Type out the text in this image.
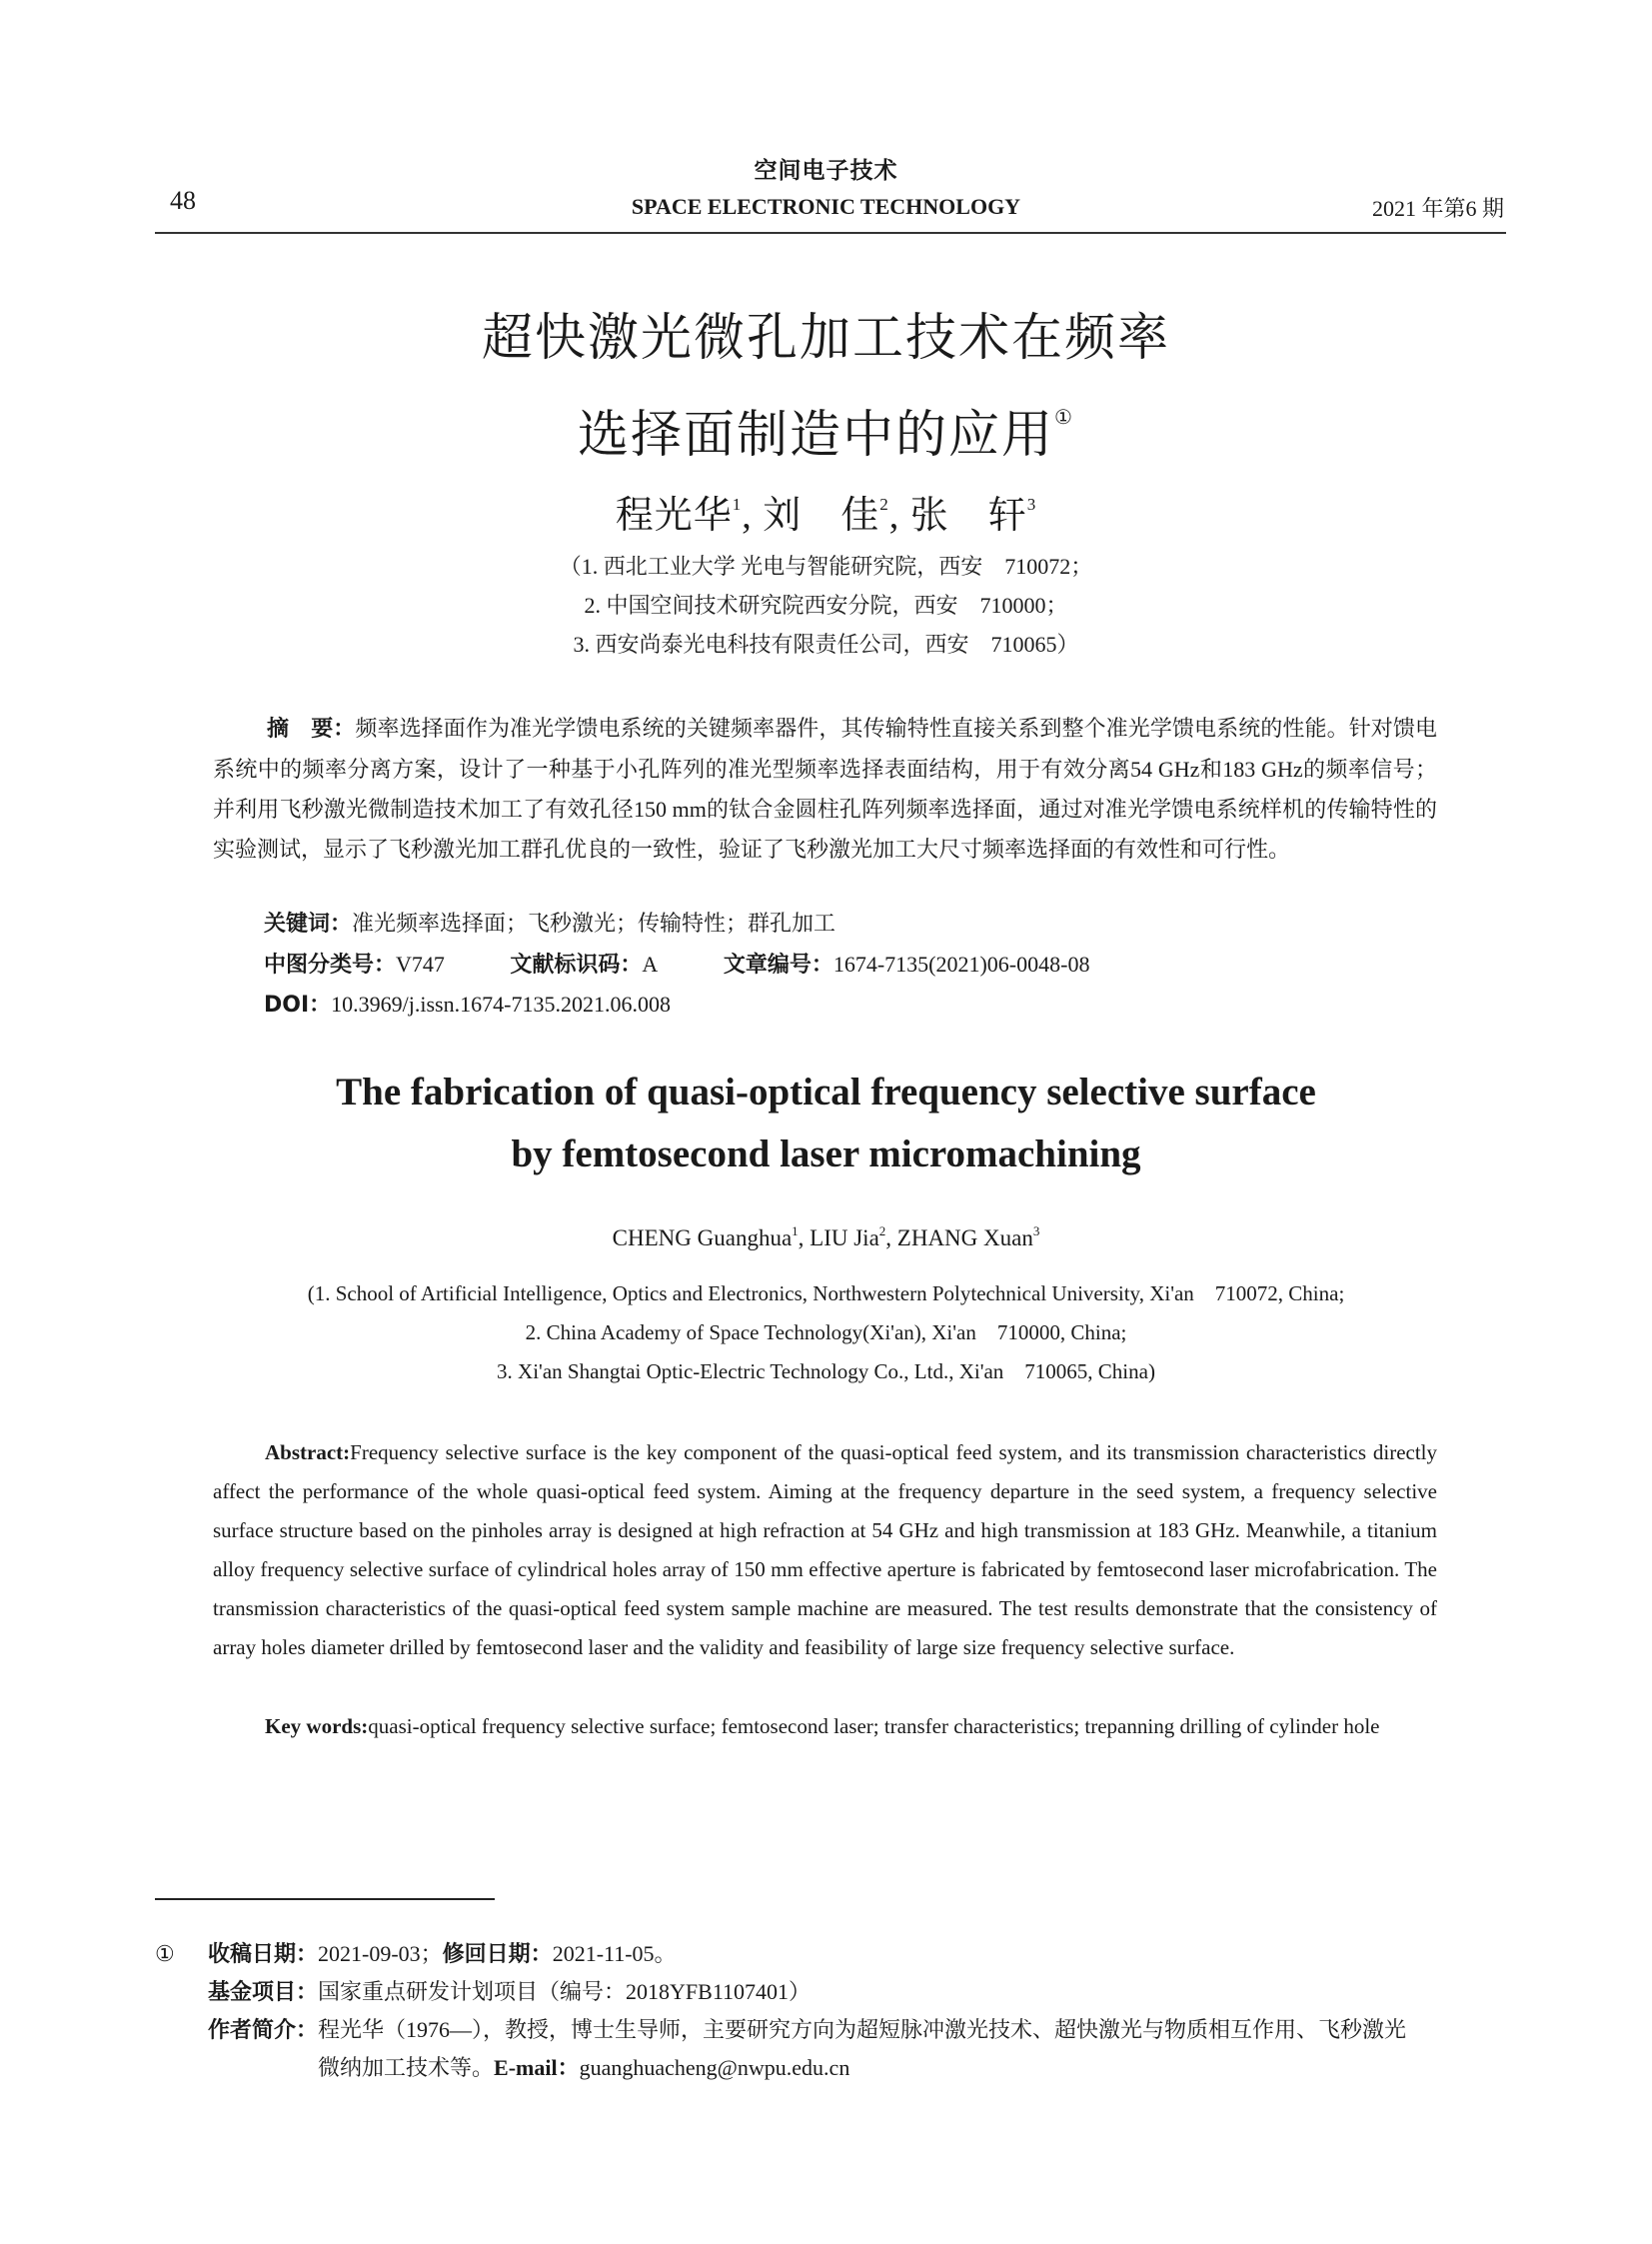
空间电子技术
SPACE ELECTRONIC TECHNOLOGY
48	2021 年第6 期
超快激光微孔加工技术在频率
选择面制造中的应用①
程光华$^1$, 刘　佳$^2$, 张　轩$^3$
（1. 西北工业大学 光电与智能研究院，西安　710072；
2. 中国空间技术研究院西安分院，西安　710000；
3. 西安尚泰光电科技有限责任公司，西安　710065）
摘　要：频率选择面作为准光学馈电系统的关键频率器件，其传输特性直接关系到整个准光学馈电系统的性能。针对馈电系统中的频率分离方案，设计了一种基于小孔阵列的准光型频率选择表面结构，用于有效分离54 GHz和183 GHz的频率信号；并利用飞秒激光微制造技术加工了有效孔径150 mm的钛合金圆柱孔阵列频率选择面，通过对准光学馈电系统样机的传输特性的实验测试，显示了飞秒激光加工群孔优良的一致性，验证了飞秒激光加工大尺寸频率选择面的有效性和可行性。
关键词：准光频率选择面；飞秒激光；传输特性；群孔加工
中图分类号：V747	文献标识码：A	文章编号：1674-7135(2021)06-0048-08
DOI：10.3969/j.issn.1674-7135.2021.06.008
The fabrication of quasi-optical frequency selective surface
by femtosecond laser micromachining
CHENG Guanghua$^1$, LIU Jia$^2$, ZHANG Xuan$^3$
(1. School of Artificial Intelligence, Optics and Electronics, Northwestern Polytechnical University, Xi'an　710072, China;
2. China Academy of Space Technology(Xi'an), Xi'an　710000, China;
3. Xi'an Shangtai Optic-Electric Technology Co., Ltd., Xi'an　710065, China)
Abstract:Frequency selective surface is the key component of the quasi-optical feed system, and its transmission characteristics directly affect the performance of the whole quasi-optical feed system. Aiming at the frequency departure in the seed system, a frequency selective surface structure based on the pinholes array is designed at high refraction at 54 GHz and high transmission at 183 GHz. Meanwhile, a titanium alloy frequency selective surface of cylindrical holes array of 150 mm effective aperture is fabricated by femtosecond laser microfabrication. The transmission characteristics of the quasi-optical feed system sample machine are measured. The test results demonstrate that the consistency of array holes diameter drilled by femtosecond laser and the validity and feasibility of large size frequency selective surface.
Key words:quasi-optical frequency selective surface; femtosecond laser; transfer characteristics; trepanning drilling of cylinder hole
① 收稿日期：2021-09-03；修回日期：2021-11-05。
基金项目：国家重点研发计划项目（编号：2018YFB1107401）
作者简介：程光华（1976—），教授，博士生导师，主要研究方向为超短脉冲激光技术、超快激光与物质相互作用、飞秒激光
微纳加工技术等。E-mail：guanghuacheng@nwpu.edu.cn
